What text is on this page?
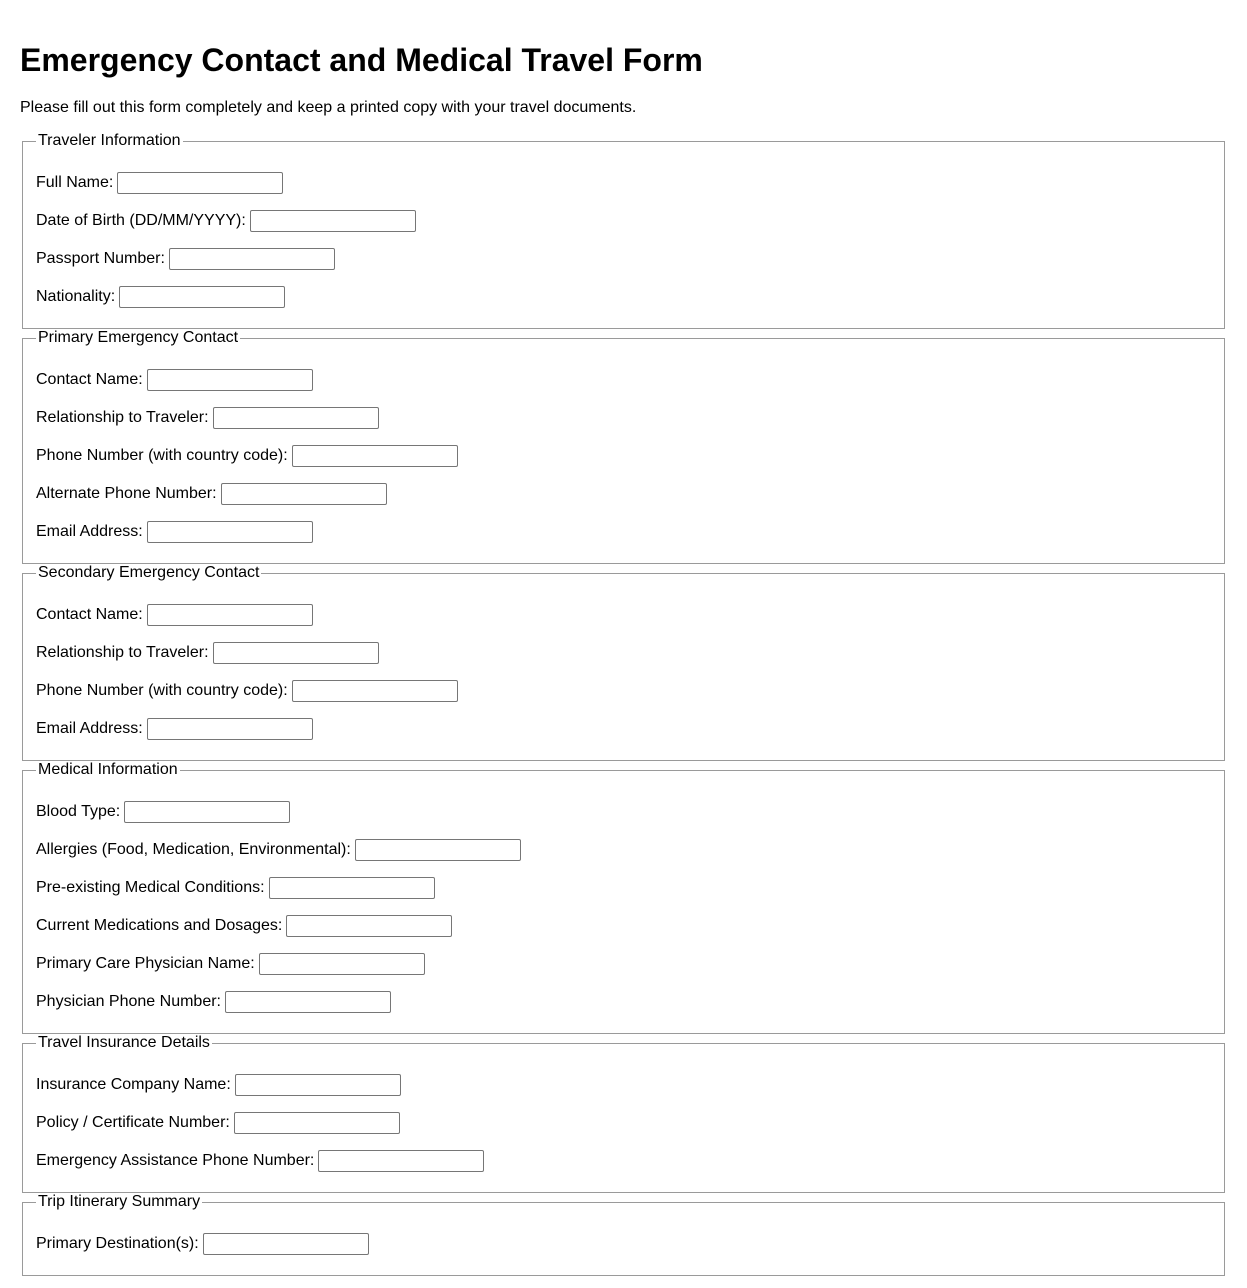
Emergency Contact and Medical Travel Form

Please fill out this form completely and keep a printed copy with your travel documents.

Traveler Information
Full Name:
Date of Birth (DD/MM/YYYY):
Passport Number:
Nationality:
Primary Emergency Contact
Contact Name:
Relationship to Traveler:
Phone Number (with country code):
Alternate Phone Number:
Email Address:
Secondary Emergency Contact
Contact Name:
Relationship to Traveler:
Phone Number (with country code):
Email Address:
Medical Information
Blood Type:
Allergies (Food, Medication, Environmental):
Pre-existing Medical Conditions:
Current Medications and Dosages:
Primary Care Physician Name:
Physician Phone Number:
Travel Insurance Details
Insurance Company Name:
Policy / Certificate Number:
Emergency Assistance Phone Number:
Trip Itinerary Summary
Primary Destination(s):
